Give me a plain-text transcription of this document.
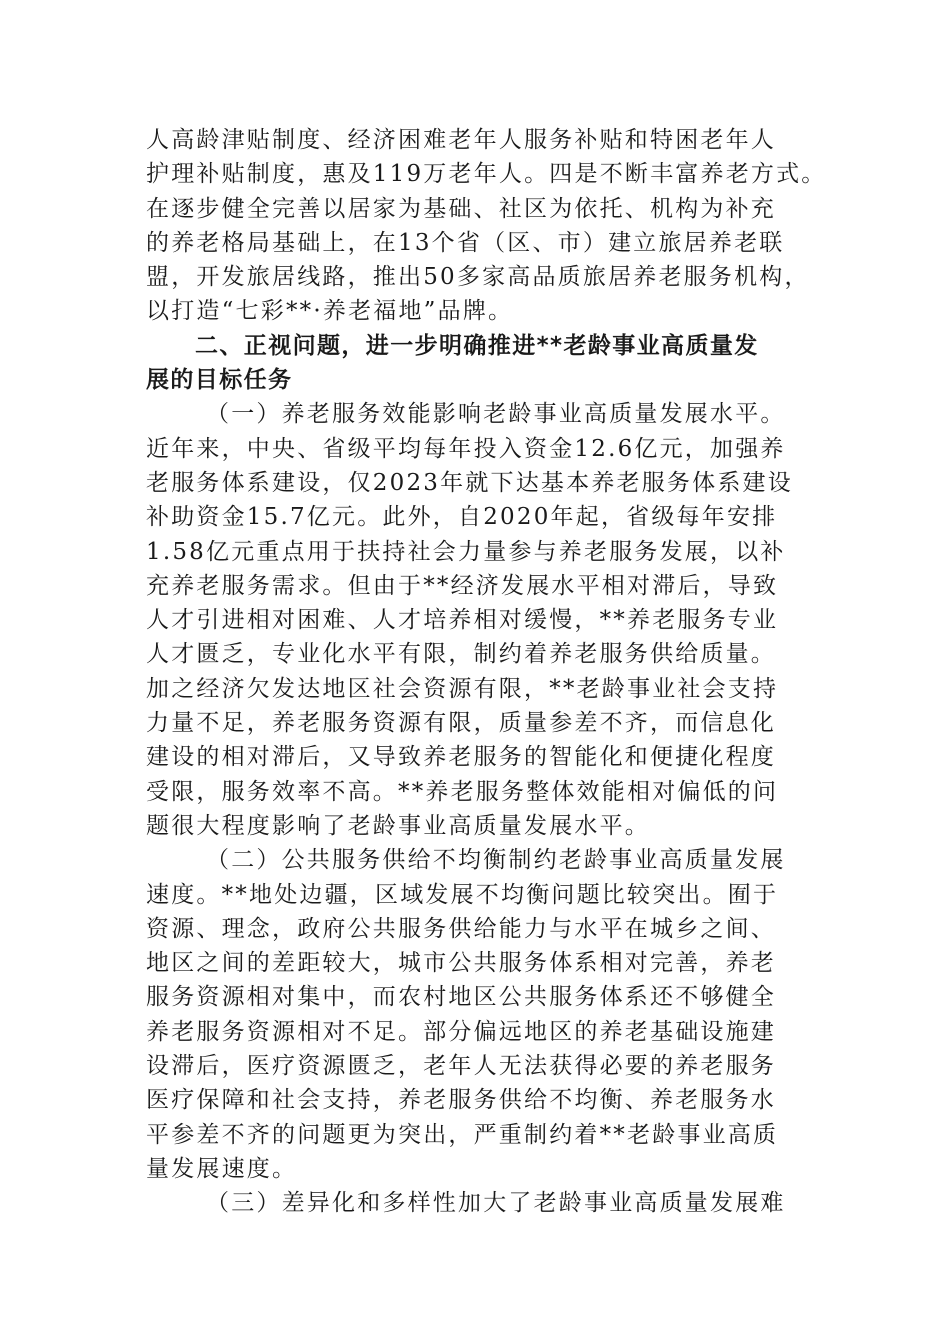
人高龄津贴制度、经济困难老年人服务补贴和特困老年人
护理补贴制度，惠及119万老年人。四是不断丰富养老方式。
在逐步健全完善以居家为基础、社区为依托、机构为补充
的养老格局基础上，在13个省（区、市）建立旅居养老联
盟，开发旅居线路，推出50多家高品质旅居养老服务机构，
以打造“七彩**·养老福地”品牌。
二、正视问题，进一步明确推进**老龄事业高质量发
展的目标任务
（一）养老服务效能影响老龄事业高质量发展水平。
近年来，中央、省级平均每年投入资金12.6亿元，加强养
老服务体系建设，仅2023年就下达基本养老服务体系建设
补助资金15.7亿元。此外，自2020年起，省级每年安排
1.58亿元重点用于扶持社会力量参与养老服务发展，以补
充养老服务需求。但由于**经济发展水平相对滞后，导致
人才引进相对困难、人才培养相对缓慢，**养老服务专业
人才匮乏，专业化水平有限，制约着养老服务供给质量。
加之经济欠发达地区社会资源有限，**老龄事业社会支持
力量不足，养老服务资源有限，质量参差不齐，而信息化
建设的相对滞后，又导致养老服务的智能化和便捷化程度
受限，服务效率不高。**养老服务整体效能相对偏低的问
题很大程度影响了老龄事业高质量发展水平。
（二）公共服务供给不均衡制约老龄事业高质量发展
速度。**地处边疆，区域发展不均衡问题比较突出。囿于
资源、理念，政府公共服务供给能力与水平在城乡之间、
地区之间的差距较大，城市公共服务体系相对完善，养老
服务资源相对集中，而农村地区公共服务体系还不够健全
养老服务资源相对不足。部分偏远地区的养老基础设施建
设滞后，医疗资源匮乏，老年人无法获得必要的养老服务
医疗保障和社会支持，养老服务供给不均衡、养老服务水
平参差不齐的问题更为突出，严重制约着**老龄事业高质
量发展速度。
（三）差异化和多样性加大了老龄事业高质量发展难
